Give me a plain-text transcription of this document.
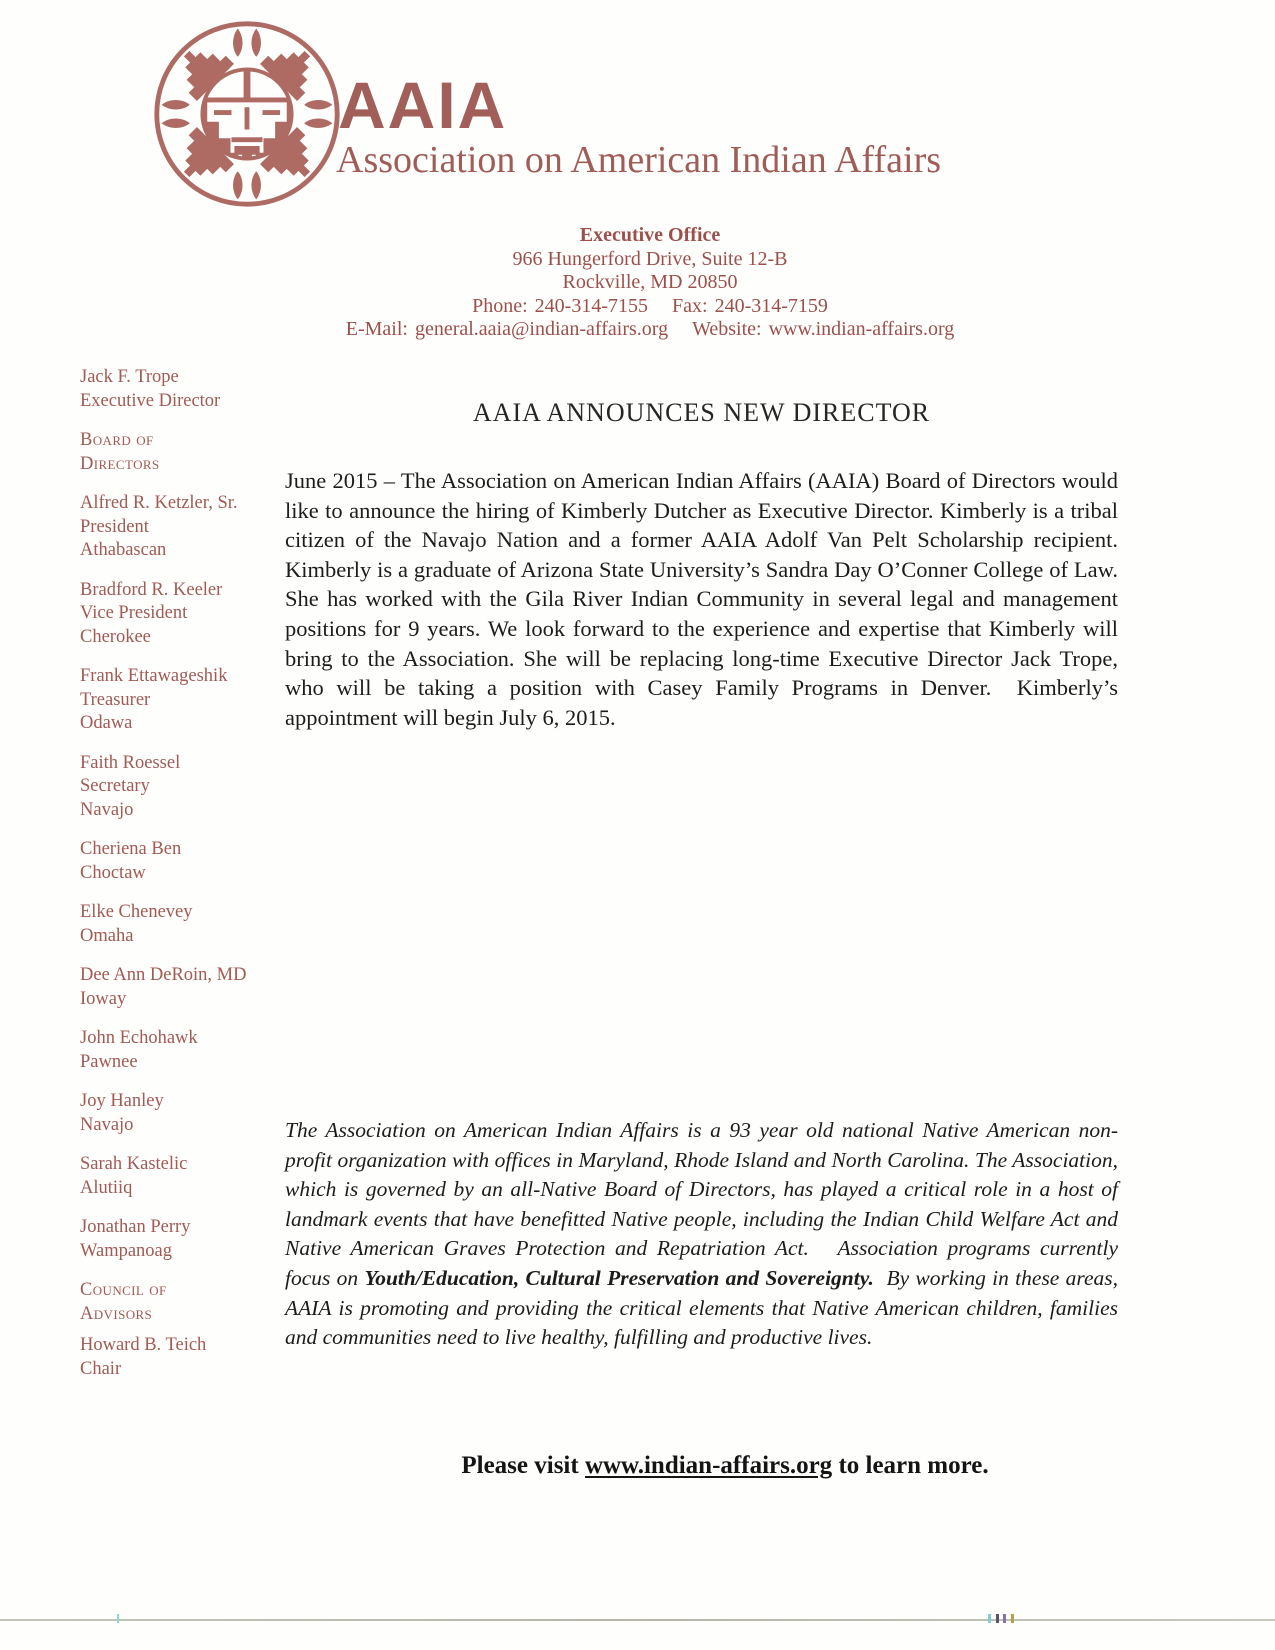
AAIA
Association on American Indian Affairs
Executive Office
966 Hungerford Drive, Suite 12-B
Rockville, MD 20850
Phone: 240-314-7155 Fax: 240-314-7159
E-Mail: general.aaia@indian-affairs.org Website: www.indian-affairs.org
Jack F. Trope
Executive Director
Board of
Directors
Alfred R. Ketzler, Sr.
President
Athabascan
Bradford R. Keeler
Vice President
Cherokee
Frank Ettawageshik
Treasurer
Odawa
Faith Roessel
Secretary
Navajo
Cheriena Ben
Choctaw
Elke Chenevey
Omaha
Dee Ann DeRoin, MD
Ioway
John Echohawk
Pawnee
Joy Hanley
Navajo
Sarah Kastelic
Alutiiq
Jonathan Perry
Wampanoag
Council of
Advisors
Howard B. Teich
Chair
AAIA ANNOUNCES NEW DIRECTOR

June 2015 – The Association on American Indian Affairs (AAIA) Board of Directors would like to announce the hiring of Kimberly Dutcher as Executive Director. Kimberly is a tribal citizen of the Navajo Nation and a former AAIA Adolf Van Pelt Scholarship recipient. Kimberly is a graduate of Arizona State University’s Sandra Day O’Conner College of Law. She has worked with the Gila River Indian Community in several legal and management positions for 9 years. We look forward to the experience and expertise that Kimberly will bring to the Association. She will be replacing long-time Executive Director Jack Trope, who will be taking a position with Casey Family Programs in Denver.  Kimberly’s appointment will begin July 6, 2015.

The Association on American Indian Affairs is a 93 year old national Native American non-profit organization with offices in Maryland, Rhode Island and North Carolina. The Association, which is governed by an all-Native Board of Directors, has played a critical role in a host of landmark events that have benefitted Native people, including the Indian Child Welfare Act and Native American Graves Protection and Repatriation Act.   Association programs currently focus on Youth/Education, Cultural Preservation and Sovereignty.  By working in these areas, AAIA is promoting and providing the critical elements that Native American children, families and communities need to live healthy, fulfilling and productive lives.

Please visit www.indian-affairs.org to learn more.
